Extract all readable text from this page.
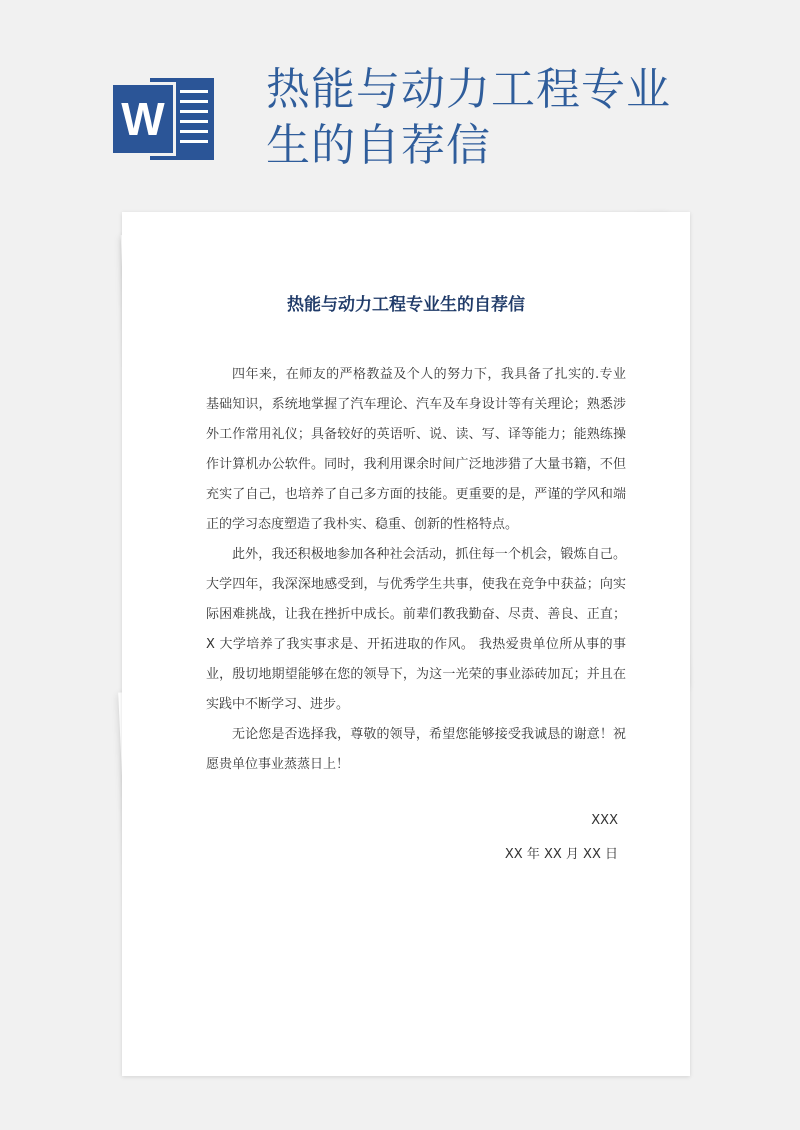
W
热能与动力工程专业生的自荐信
热能与动力工程专业生的自荐信

四年来，在师友的严格教益及个人的努力下，我具备了扎实的.专业基础知识，系统地掌握了汽车理论、汽车及车身设计等有关理论；熟悉涉外工作常用礼仪；具备较好的英语听、说、读、写、译等能力；能熟练操作计算机办公软件。同时，我利用课余时间广泛地涉猎了大量书籍，不但充实了自己，也培养了自己多方面的技能。更重要的是，严谨的学风和端正的学习态度塑造了我朴实、稳重、创新的性格特点。

此外，我还积极地参加各种社会活动，抓住每一个机会，锻炼自己。大学四年，我深深地感受到，与优秀学生共事，使我在竞争中获益；向实际困难挑战，让我在挫折中成长。前辈们教我勤奋、尽责、善良、正直；X 大学培养了我实事求是、开拓进取的作风。 我热爱贵单位所从事的事业，殷切地期望能够在您的领导下，为这一光荣的事业添砖加瓦；并且在实践中不断学习、进步。

无论您是否选择我，尊敬的领导，希望您能够接受我诚恳的谢意！祝愿贵单位事业蒸蒸日上！

XXX
XX 年 XX 月 XX 日
